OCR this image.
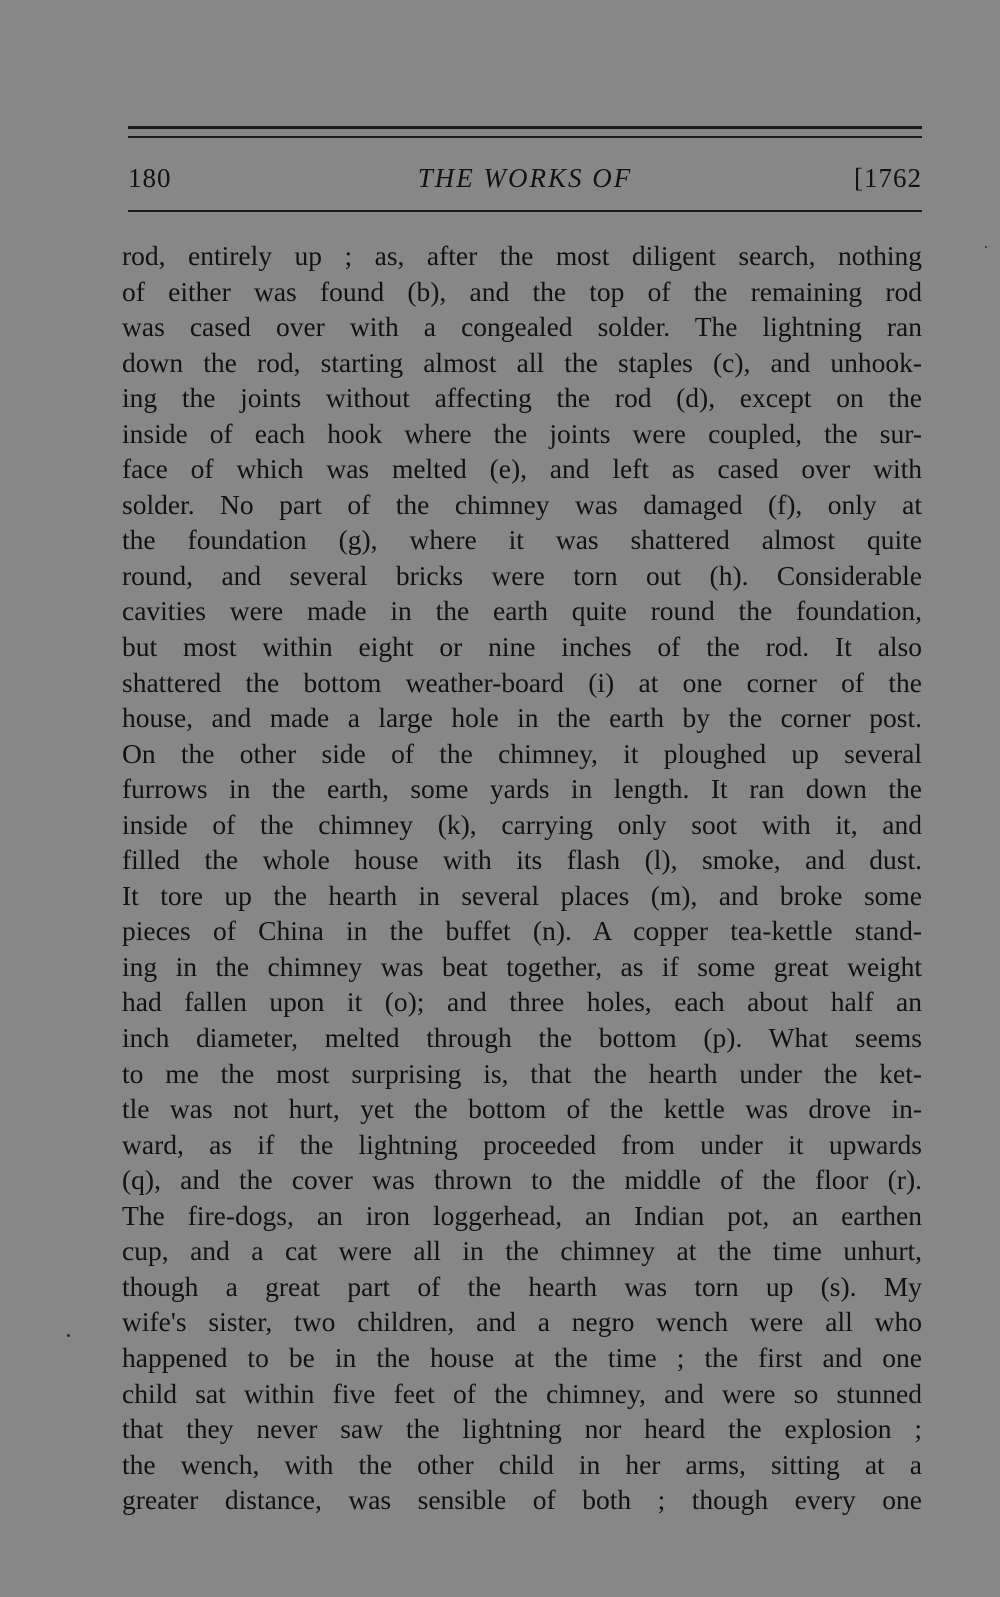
180	THE WORKS OF	[1762
rod, entirely up ; as, after the most diligent search, nothing
of either was found (b), and the top of the remaining rod
was cased over with a congealed solder. The lightning ran
down the rod, starting almost all the staples (c), and unhook-
ing the joints without affecting the rod (d), except on the
inside of each hook where the joints were coupled, the sur-
face of which was melted (e), and left as cased over with
solder. No part of the chimney was damaged (f), only at
the foundation (g), where it was shattered almost quite
round, and several bricks were torn out (h). Considerable
cavities were made in the earth quite round the foundation,
but most within eight or nine inches of the rod. It also
shattered the bottom weather-board (i) at one corner of the
house, and made a large hole in the earth by the corner post.
On the other side of the chimney, it ploughed up several
furrows in the earth, some yards in length. It ran down the
inside of the chimney (k), carrying only soot with it, and
filled the whole house with its flash (l), smoke, and dust.
It tore up the hearth in several places (m), and broke some
pieces of China in the buffet (n). A copper tea-kettle stand-
ing in the chimney was beat together, as if some great weight
had fallen upon it (o); and three holes, each about half an
inch diameter, melted through the bottom (p). What seems
to me the most surprising is, that the hearth under the ket-
tle was not hurt, yet the bottom of the kettle was drove in-
ward, as if the lightning proceeded from under it upwards
(q), and the cover was thrown to the middle of the floor (r).
The fire-dogs, an iron loggerhead, an Indian pot, an earthen
cup, and a cat were all in the chimney at the time unhurt,
though a great part of the hearth was torn up (s). My
wife's sister, two children, and a negro wench were all who
happened to be in the house at the time ; the first and one
child sat within five feet of the chimney, and were so stunned
that they never saw the lightning nor heard the explosion ;
the wench, with the other child in her arms, sitting at a
greater distance, was sensible of both ; though every one
